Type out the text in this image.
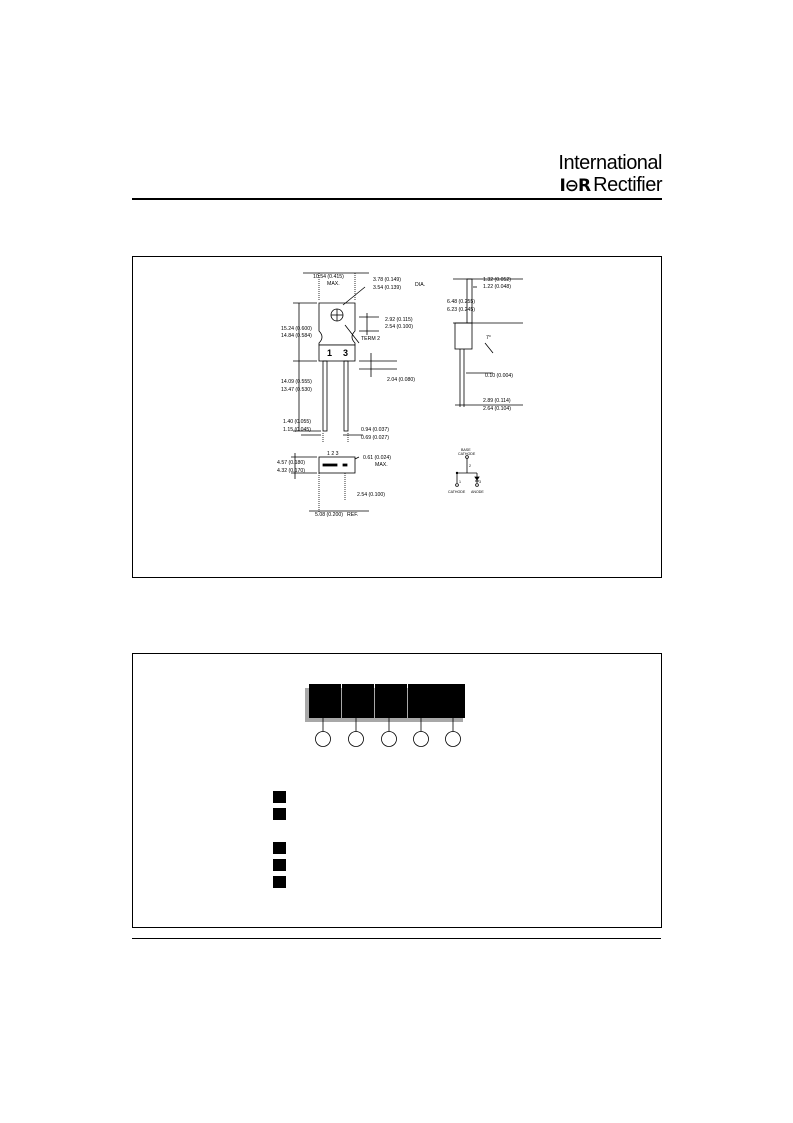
International
I⊖R Rectifier
10.54 (0.415)
MAX.
3.78 (0.149)
3.54 (0.139)	DIA.
2.92 (0.115)
2.54 (0.100)
TERM 2
15.24 (0.600)
14.84 (0.584)
14.09 (0.555)
13.47 (0.530)
2.04 (0.080)
1.40 (0.055)
1.15 (0.045)	0.94 (0.037)
0.69 (0.027)
1 3
1.32 (0.052)
1.22 (0.048)
6.48 (0.255)
6.23 (0.245)
7°
0.10 (0.004)
2.89 (0.114)
2.64 (0.104)
1 2 3
4.57 (0.180)
4.32 (0.170)
0.61 (0.024)
MAX.
2.54 (0.100)
5.08 (0.200) REF.
BASE
CATHODE
2
1	3
CATHODE ANODE
